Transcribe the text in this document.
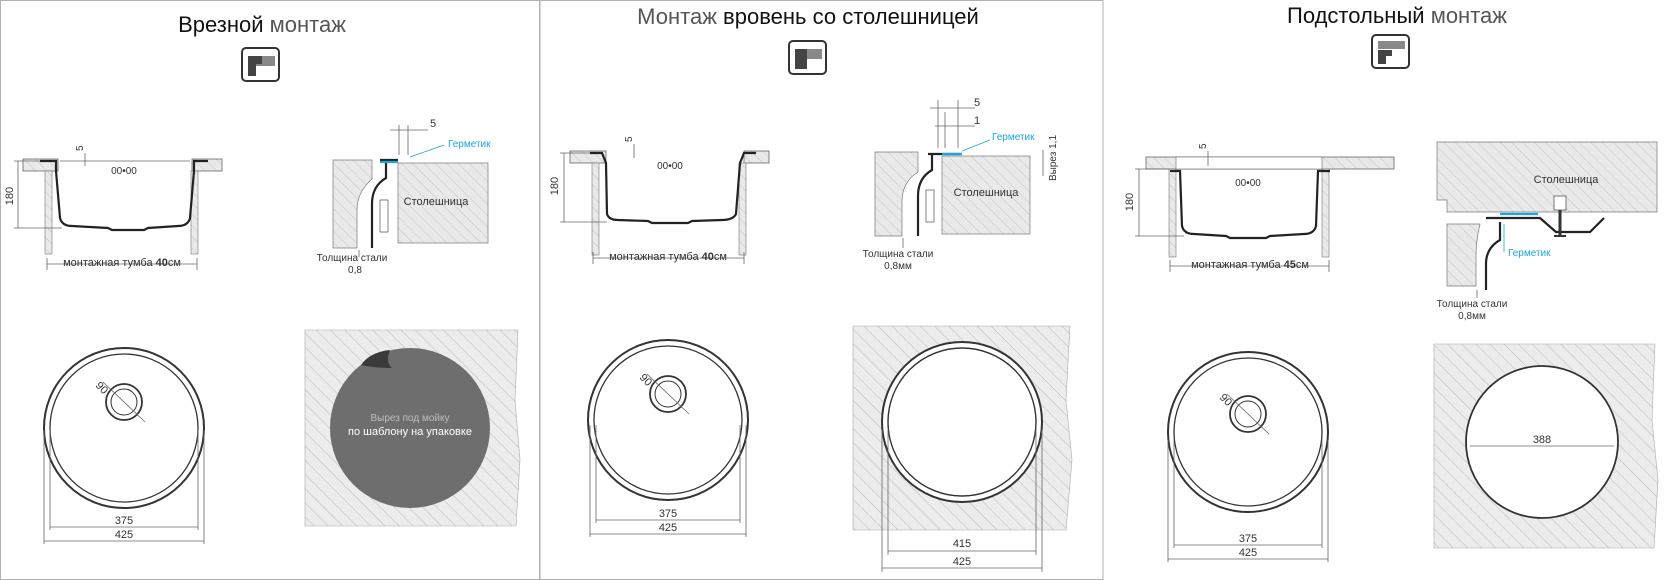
Врезной монтаж
180
5
00•00
монтажная тумба 40см
Столешница
5
Герметик
Толщина стали
0,8
90
375
425
Вырез под мойку
по шаблону на упаковке
Монтаж вровень со столешницей
180
5
00•00
монтажная тумба 40см
Столешница
5
1
Герметик Вырез 1,1
Толщина стали
0,8мм
90
375
425
415
425
Подстольный монтаж
180
5
00•00
монтажная тумба 45см
Столешница
Герметик
Толщина стали
0,8мм
90
375
425
388
